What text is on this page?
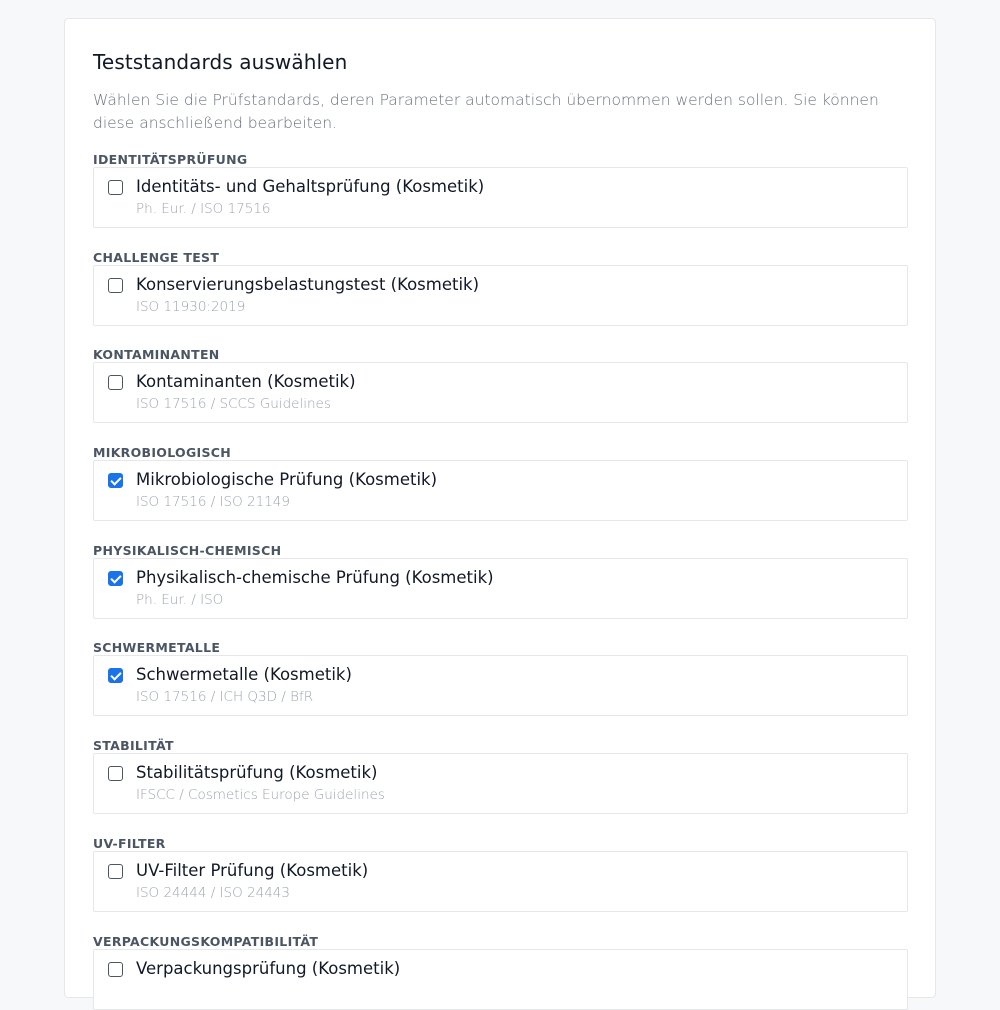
Teststandards auswählen

Wählen Sie die Prüfstandards, deren Parameter automatisch übernommen werden sollen. Sie können diese anschließend bearbeiten.

IDENTITÄTSPRÜFUNG
Identitäts- und Gehaltsprüfung (Kosmetik)
Ph. Eur. / ISO 17516
CHALLENGE TEST
Konservierungsbelastungstest (Kosmetik)
ISO 11930:2019
KONTAMINANTEN
Kontaminanten (Kosmetik)
ISO 17516 / SCCS Guidelines
MIKROBIOLOGISCH
Mikrobiologische Prüfung (Kosmetik)
ISO 17516 / ISO 21149
PHYSIKALISCH-CHEMISCH
Physikalisch-chemische Prüfung (Kosmetik)
Ph. Eur. / ISO
SCHWERMETALLE
Schwermetalle (Kosmetik)
ISO 17516 / ICH Q3D / BfR
STABILITÄT
Stabilitätsprüfung (Kosmetik)
IFSCC / Cosmetics Europe Guidelines
UV-FILTER
UV-Filter Prüfung (Kosmetik)
ISO 24444 / ISO 24443
VERPACKUNGSKOMPATIBILITÄT
Verpackungsprüfung (Kosmetik)
